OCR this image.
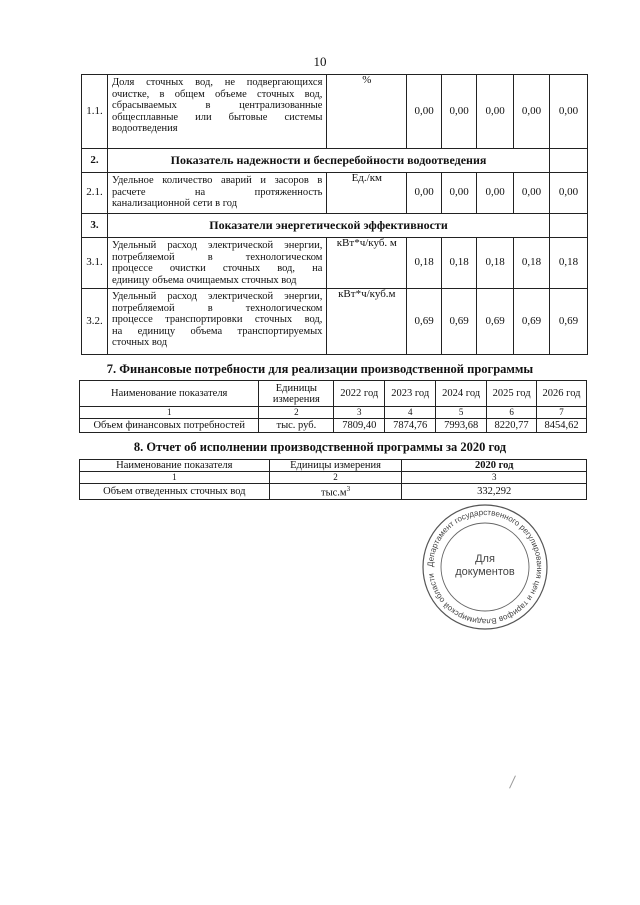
10
1.1.	Доля сточных вод, не подвергающихся
очистке, в общем объеме сточных вод,
сбрасываемых в централизованные
общесплавные или бытовые системы
водоотведения	%	0,00	0,00	0,00	0,00	0,00
2.	Показатель надежности и бесперебойности водоотведения						
2.1.	Удельное количество аварий и засоров в
расчете на протяженность
канализационной сети в год	Ед./км	0,00	0,00	0,00	0,00	0,00
3.	Показатели энергетической эффективности						
3.1.	Удельный расход электрической энергии,
потребляемой в технологическом
процессе очистки сточных вод, на
единицу объема очищаемых сточных вод	кВт*ч/куб. м	0,18	0,18	0,18	0,18	0,18
3.2.	Удельный расход электрической энергии,
потребляемой в технологическом
процессе транспортировки сточных вод,
на единицу объема транспортируемых
сточных вод	кВт*ч/куб.м	0,69	0,69	0,69	0,69	0,69
7. Финансовые потребности для реализации производственной программы
Наименование показателя	Единицы измерения	2022 год	2023 год	2024 год	2025 год	2026 год
1	2	3	4	5	6	7
Объем финансовых потребностей	тыс. руб.	7809,40	7874,76	7993,68	8220,77	8454,62
8. Отчет об исполнении производственной программы за 2020 год
Наименование показателя	Единицы измерения	2020 год
1	2	3
Объем отведенных сточных вод	$тыс.м^3$	332,292
Департамент государственного регулирования цен и тарифов Владимирской области
Для
документов
